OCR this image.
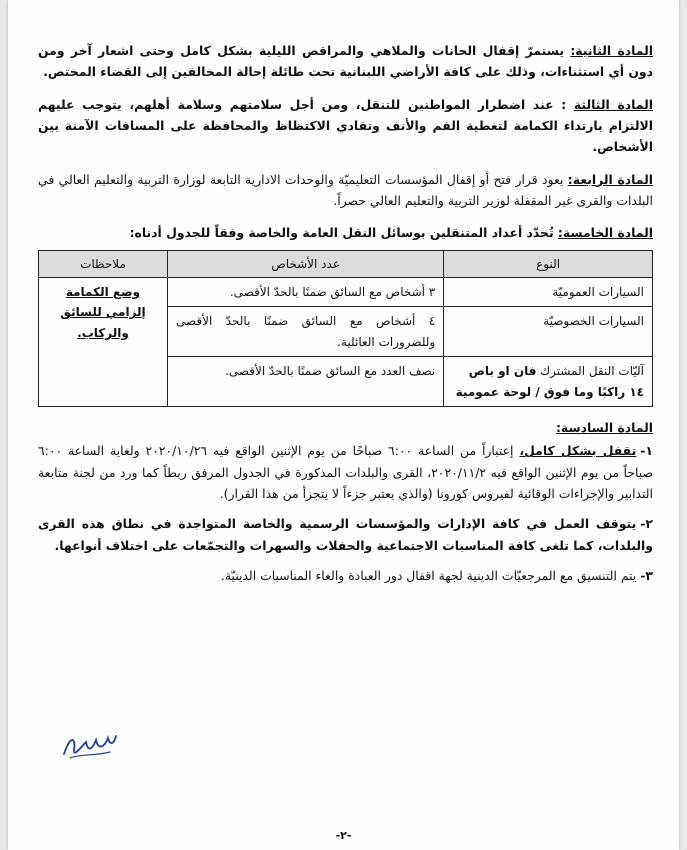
المادة الثانية: يستمرّ إقفال الحانات والملاهي والمراقص الليلية بشكل كامل وحتى اشعار آخر ومن دون أي استثناءات، وذلك على كافة الأراضي اللبنانية تحت طائلة إحالة المخالفين إلى القضاء المختص.

المادة الثالثة : عند اضطرار المواطنين للتنقل، ومن أجل سلامتهم وسلامة أهلهم، يتوجب عليهم الالتزام بارتداء الكمامة لتغطية الفم والأنف وتفادي الاكتظاظ والمحافظة على المسافات الآمنة بين الأشخاص.

المادة الرابعة: يعود قرار فتح أو إقفال المؤسسات التعليميّة والوحدات الادارية التابعة لوزارة التربية والتعليم العالي في البلدات والقرى غير المقفلة لوزير التربية والتعليم العالي حصراً.

المادة الخامسة: تُحدّد أعداد المتنقلين بوسائل النقل العامة والخاصة وفقاً للجدول أدناه:

النوع	عدد الأشخاص	ملاحظات
السيارات العموميّة	٣ أشخاص مع السائق ضمنًا بالحدّ الأقصى.	وضع الكمامة إلزامي للسائق والركاب.
السيارات الخصوصيّة	٤ أشخاص مع السائق ضمنًا بالحدّ الأقصى وللضرورات العائلية.	
آليّات النقل المشترك فان او باص ١٤ راكبًا وما فوق / لوحة عمومية	نصف العدد مع السائق ضمنًا بالحدّ الأقصى.	

المادة السادسة:

١-تقفل بشكل كامل، إعتباراً من الساعة ٦:٠٠ صباحًا من يوم الإثنين الواقع فيه ٢٠٢٠/١٠/٢٦ ولغاية الساعة ٦:٠٠ صباحاً من يوم الإثنين الواقع فيه ٢٠٢٠/١١/٢، القرى والبلدات المذكورة في الجدول المرفق ربطاً كما ورد من لجنة متابعة التدابير والإجراءات الوقائية لفيروس كورونا (والذي يعتبر جزءاً لا يتجزأ من هذا القرار).
٢-يتوقف العمل في كافة الإدارات والمؤسسات الرسمية والخاصة المتواجدة في نطاق هذه القرى والبلدات، كما تلغى كافة المناسبات الاجتماعية والحفلات والسهرات والتجمّعات على اختلاف أنواعها.
٣-يتم التنسيق مع المرجعيّات الدينية لجهة اقفال دور العبادة والغاء المناسبات الدينيّة.
-٢-
